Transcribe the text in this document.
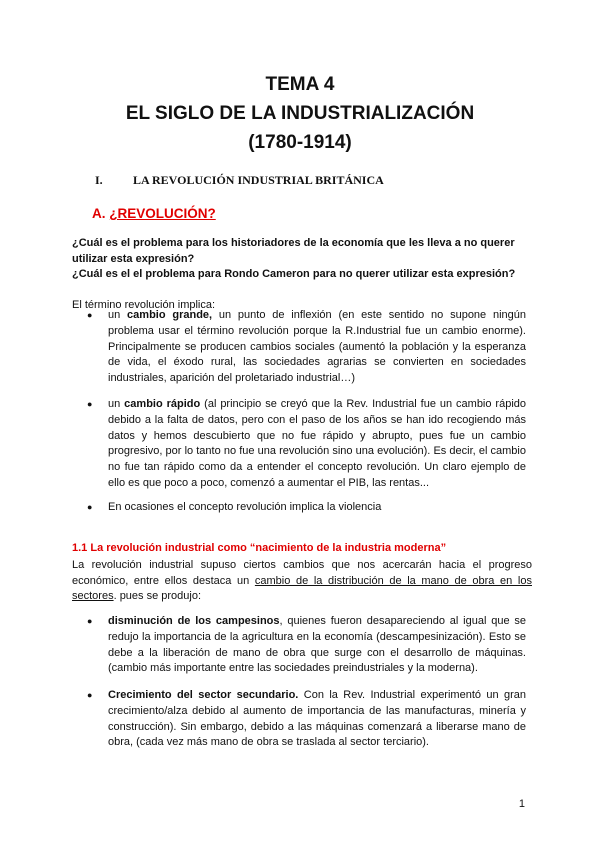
TEMA 4
EL SIGLO DE LA INDUSTRIALIZACIÓN
(1780-1914)
I.	LA REVOLUCIÓN INDUSTRIAL BRITÁNICA
A. ¿REVOLUCIÓN?
¿Cuál es el problema para los historiadores de la economía que les lleva a no querer utilizar esta expresión?
¿Cuál es el el problema para Rondo Cameron para no querer utilizar esta expresión?
El término revolución implica:
● un cambio grande, un punto de inflexión (en este sentido no supone ningún problema usar el término revolución porque la R.Industrial fue un cambio enorme). Principalmente se producen cambios sociales (aumentó la población y la esperanza de vida, el éxodo rural, las sociedades agrarias se convierten en sociedades industriales, aparición del proletariado industrial…)
● un cambio rápido (al principio se creyó que la Rev. Industrial fue un cambio rápido debido a la falta de datos, pero con el paso de los años se han ido recogiendo más datos y hemos descubierto que no fue rápido y abrupto, pues fue un cambio progresivo, por lo tanto no fue una revolución sino una evolución). Es decir, el cambio no fue tan rápido como da a entender el concepto revolución. Un claro ejemplo de ello es que poco a poco, comenzó a aumentar el PIB, las rentas...
● En ocasiones el concepto revolución implica la violencia
1.1 La revolución industrial como “nacimiento de la industria moderna”
La revolución industrial supuso ciertos cambios que nos acercarán hacia el progreso económico, entre ellos destaca un cambio de la distribución de la mano de obra en los sectores. pues se produjo:
● disminución de los campesinos, quienes fueron desapareciendo al igual que se redujo la importancia de la agricultura en la economía (descampesinización). Esto se debe a la liberación de mano de obra que surge con el desarrollo de máquinas. (cambio más importante entre las sociedades preindustriales y la moderna).
● Crecimiento del sector secundario. Con la Rev. Industrial experimentó un gran crecimiento/alza debido al aumento de importancia de las manufacturas, minería y construcción). Sin embargo, debido a las máquinas comenzará a liberarse mano de obra, (cada vez más mano de obra se traslada al sector terciario).
1
